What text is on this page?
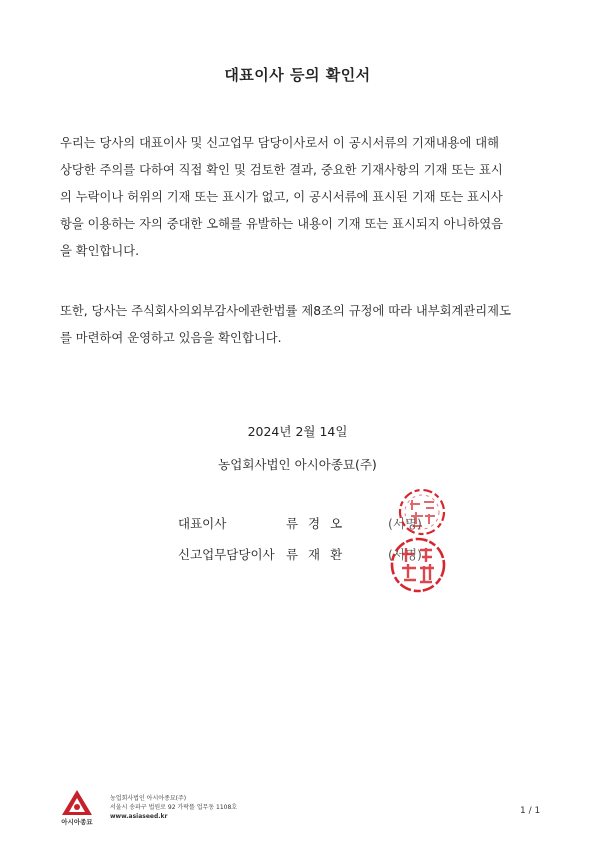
대표이사 등의 확인서

우리는 당사의 대표이사 및 신고업무 담당이사로서 이 공시서류의 기재내용에 대해
상당한 주의를 다하여 직접 확인 및 검토한 결과, 중요한 기재사항의 기재 또는 표시
의 누락이나 허위의 기재 또는 표시가 없고, 이 공시서류에 표시된 기재 또는 표시사
항을 이용하는 자의 중대한 오해를 유발하는 내용이 기재 또는 표시되지 아니하였음
을 확인합니다.

또한, 당사는 주식회사의외부감사에관한법률 제8조의 규정에 따라 내부회계관리제도
를 마련하여 운영하고 있음을 확인합니다.

2024년 2월 14일
농업회사법인 아시아종묘(주)
대표이사	류 경 오	(서명)
신고업무담당이사 류 재 환	(서명)
아시아종묘
농업회사법인 아시아종묘(주)
서울시 송파구 법원로 92 가락뜰 업무동 1108호
www.asiaseed.kr
1 / 1
